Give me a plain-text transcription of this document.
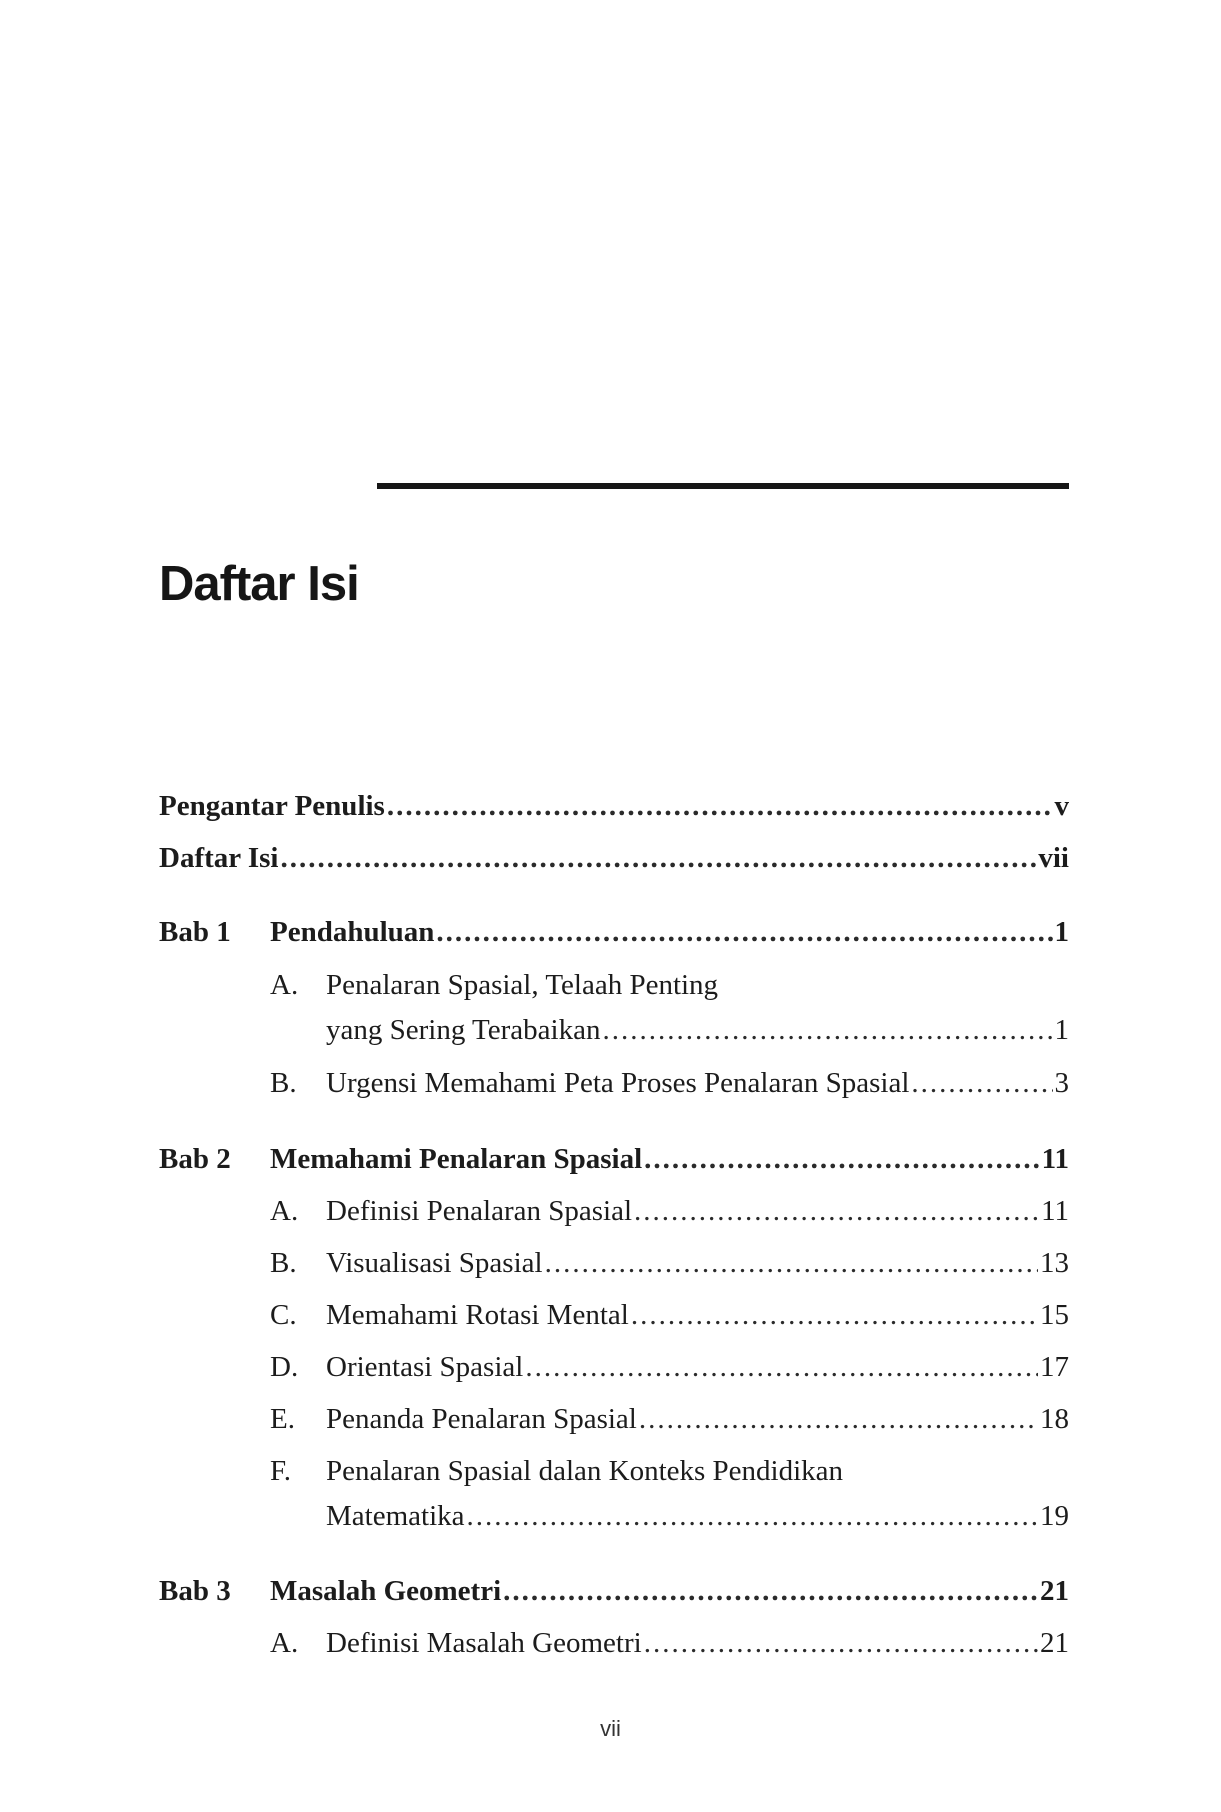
Daftar Isi
Pengantar Penulis .....	v
Daftar Isi .....	vii
Bab 1 Pendahuluan .....	1
A. Penalaran Spasial, Telaah Penting
yang Sering Terabaikan .....	1
B. Urgensi Memahami Peta Proses Penalaran Spasial .....	3
Bab 2 Memahami Penalaran Spasial .....	11
A. Definisi Penalaran Spasial .....	11
B. Visualisasi Spasial .....	13
C. Memahami Rotasi Mental .....	15
D. Orientasi Spasial .....	17
E. Penanda Penalaran Spasial .....	18
F. Penalaran Spasial dalan Konteks Pendidikan
Matematika .....	19
Bab 3 Masalah Geometri .....	21
A. Definisi Masalah Geometri .....	21
vii
